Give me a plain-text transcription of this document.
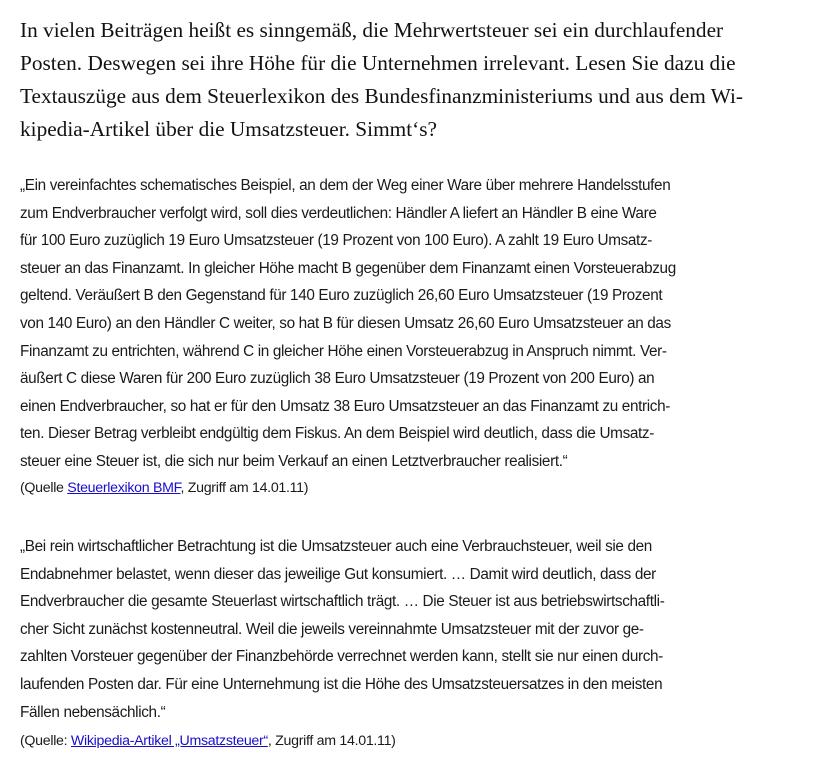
In vielen Beiträgen heißt es sinngemäß, die Mehrwertsteuer sei ein durchlaufender
Posten. Deswegen sei ihre Höhe für die Unternehmen irrelevant. Lesen Sie dazu die
Textauszüge aus dem Steuerlexikon des Bundesfinanzministeriums und aus dem Wi-
kipedia-Artikel über die Umsatzsteuer. Simmt‘s?
„Ein vereinfachtes schematisches Beispiel, an dem der Weg einer Ware über mehrere Handelsstufen
zum Endverbraucher verfolgt wird, soll dies verdeutlichen: Händler A liefert an Händler B eine Ware
für 100 Euro zuzüglich 19 Euro Umsatzsteuer (19 Prozent von 100 Euro). A zahlt 19 Euro Umsatz-
steuer an das Finanzamt. In gleicher Höhe macht B gegenüber dem Finanzamt einen Vorsteuerabzug
geltend. Veräußert B den Gegenstand für 140 Euro zuzüglich 26,60 Euro Umsatzsteuer (19 Prozent
von 140 Euro) an den Händler C weiter, so hat B für diesen Umsatz 26,60 Euro Umsatzsteuer an das
Finanzamt zu entrichten, während C in gleicher Höhe einen Vorsteuerabzug in Anspruch nimmt. Ver-
äußert C diese Waren für 200 Euro zuzüglich 38 Euro Umsatzsteuer (19 Prozent von 200 Euro) an
einen Endverbraucher, so hat er für den Umsatz 38 Euro Umsatzsteuer an das Finanzamt zu entrich-
ten. Dieser Betrag verbleibt endgültig dem Fiskus. An dem Beispiel wird deutlich, dass die Umsatz-
steuer eine Steuer ist, die sich nur beim Verkauf an einen Letztverbraucher realisiert.“
(Quelle Steuerlexikon BMF, Zugriff am 14.01.11)
„Bei rein wirtschaftlicher Betrachtung ist die Umsatzsteuer auch eine Verbrauchsteuer, weil sie den
Endabnehmer belastet, wenn dieser das jeweilige Gut konsumiert. … Damit wird deutlich, dass der
Endverbraucher die gesamte Steuerlast wirtschaftlich trägt. … Die Steuer ist aus betriebswirtschaftli-
cher Sicht zunächst kostenneutral. Weil die jeweils vereinnahmte Umsatzsteuer mit der zuvor ge-
zahlten Vorsteuer gegenüber der Finanzbehörde verrechnet werden kann, stellt sie nur einen durch-
laufenden Posten dar. Für eine Unternehmung ist die Höhe des Umsatzsteuersatzes in den meisten
Fällen nebensächlich.“
(Quelle: Wikipedia-Artikel „Umsatzsteuer“, Zugriff am 14.01.11)
